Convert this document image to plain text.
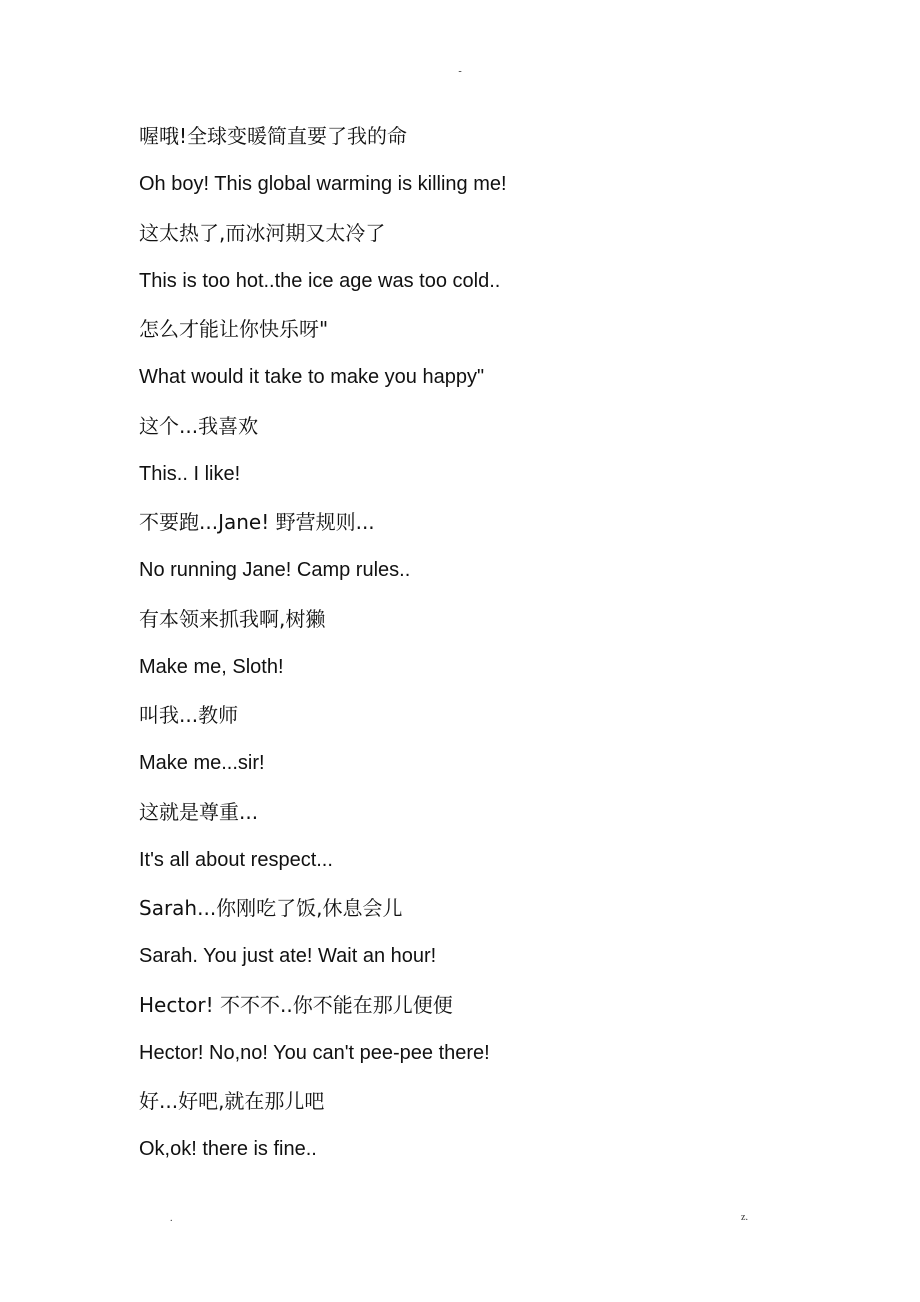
-
喔哦!全球变暖简直要了我的命
Oh boy! This global warming is killing me!
这太热了,而冰河期又太冷了
This is too hot..the ice age was too cold..
怎么才能让你快乐呀"
What would it take to make you happy"
这个...我喜欢
This.. I like!
不要跑...Jane! 野营规则...
No running Jane! Camp rules..
有本领来抓我啊,树獭
Make me, Sloth!
叫我...教师
Make me...sir!
这就是尊重...
It's all about respect...
Sarah...你刚吃了饭,休息会儿
Sarah. You just ate! Wait an hour!
Hector! 不不不..你不能在那儿便便
Hector! No,no! You can't pee-pee there!
好...好吧,就在那儿吧
Ok,ok! there is fine..
.	z.
